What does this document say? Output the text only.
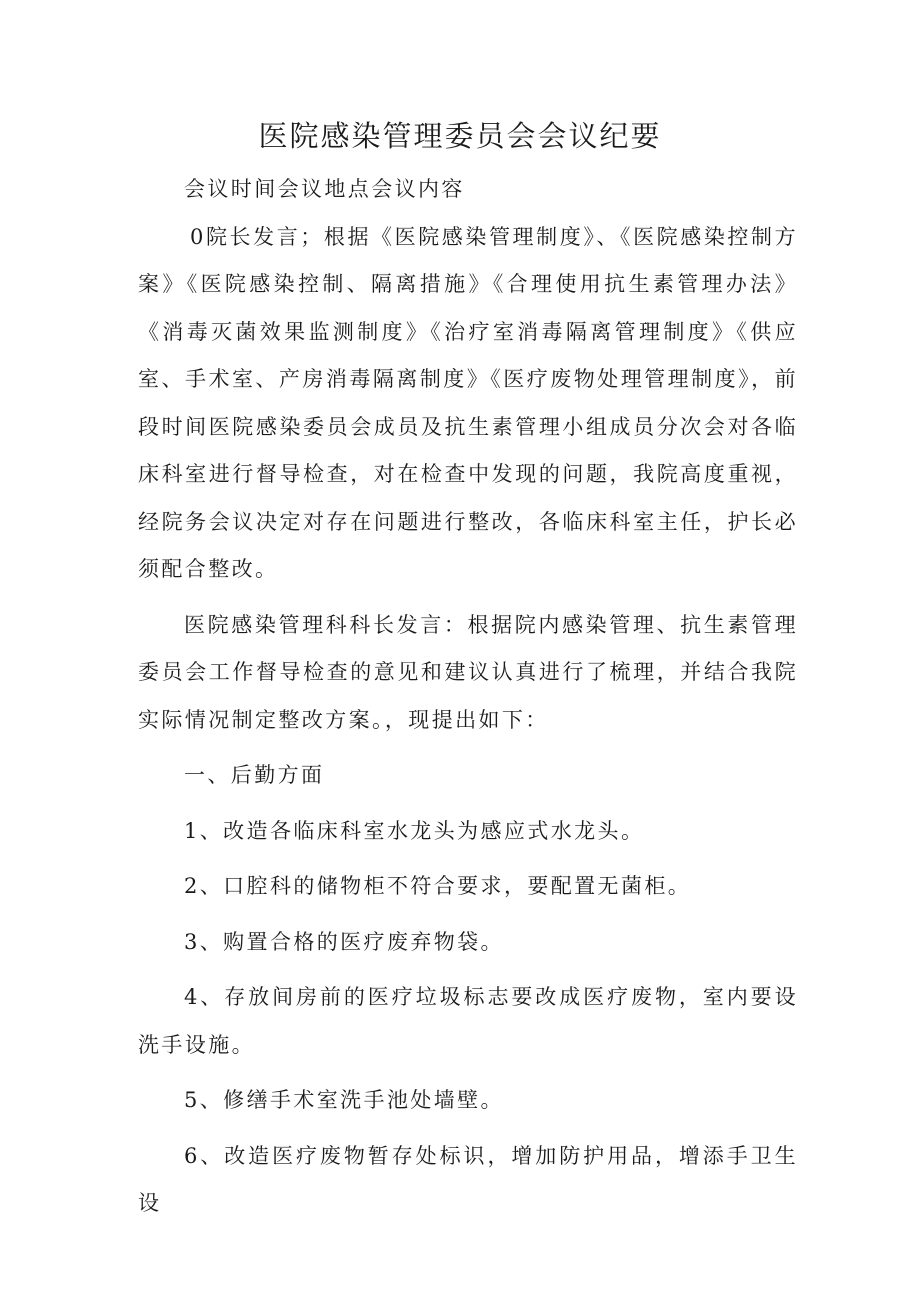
医院感染管理委员会会议纪要

会议时间会议地点会议内容

0院长发言；根据《医院感染管理制度》、《医院感染控制方案》《医院感染控制、隔离措施》《合理使用抗生素管理办法》《消毒灭菌效果监测制度》《治疗室消毒隔离管理制度》《供应室、手术室、产房消毒隔离制度》《医疗废物处理管理制度》，前段时间医院感染委员会成员及抗生素管理小组成员分次会对各临床科室进行督导检查，对在检查中发现的问题，我院高度重视，经院务会议决定对存在问题进行整改，各临床科室主任，护长必须配合整改。

医院感染管理科科长发言：根据院内感染管理、抗生素管理委员会工作督导检查的意见和建议认真进行了梳理，并结合我院实际情况制定整改方案。，现提出如下：

一、后勤方面

1、改造各临床科室水龙头为感应式水龙头。

2、口腔科的储物柜不符合要求，要配置无菌柜。

3、购置合格的医疗废弃物袋。

4、存放间房前的医疗垃圾标志要改成医疗废物，室内要设洗手设施。

5、修缮手术室洗手池处墙壁。

6、改造医疗废物暂存处标识，增加防护用品，增添手卫生设
